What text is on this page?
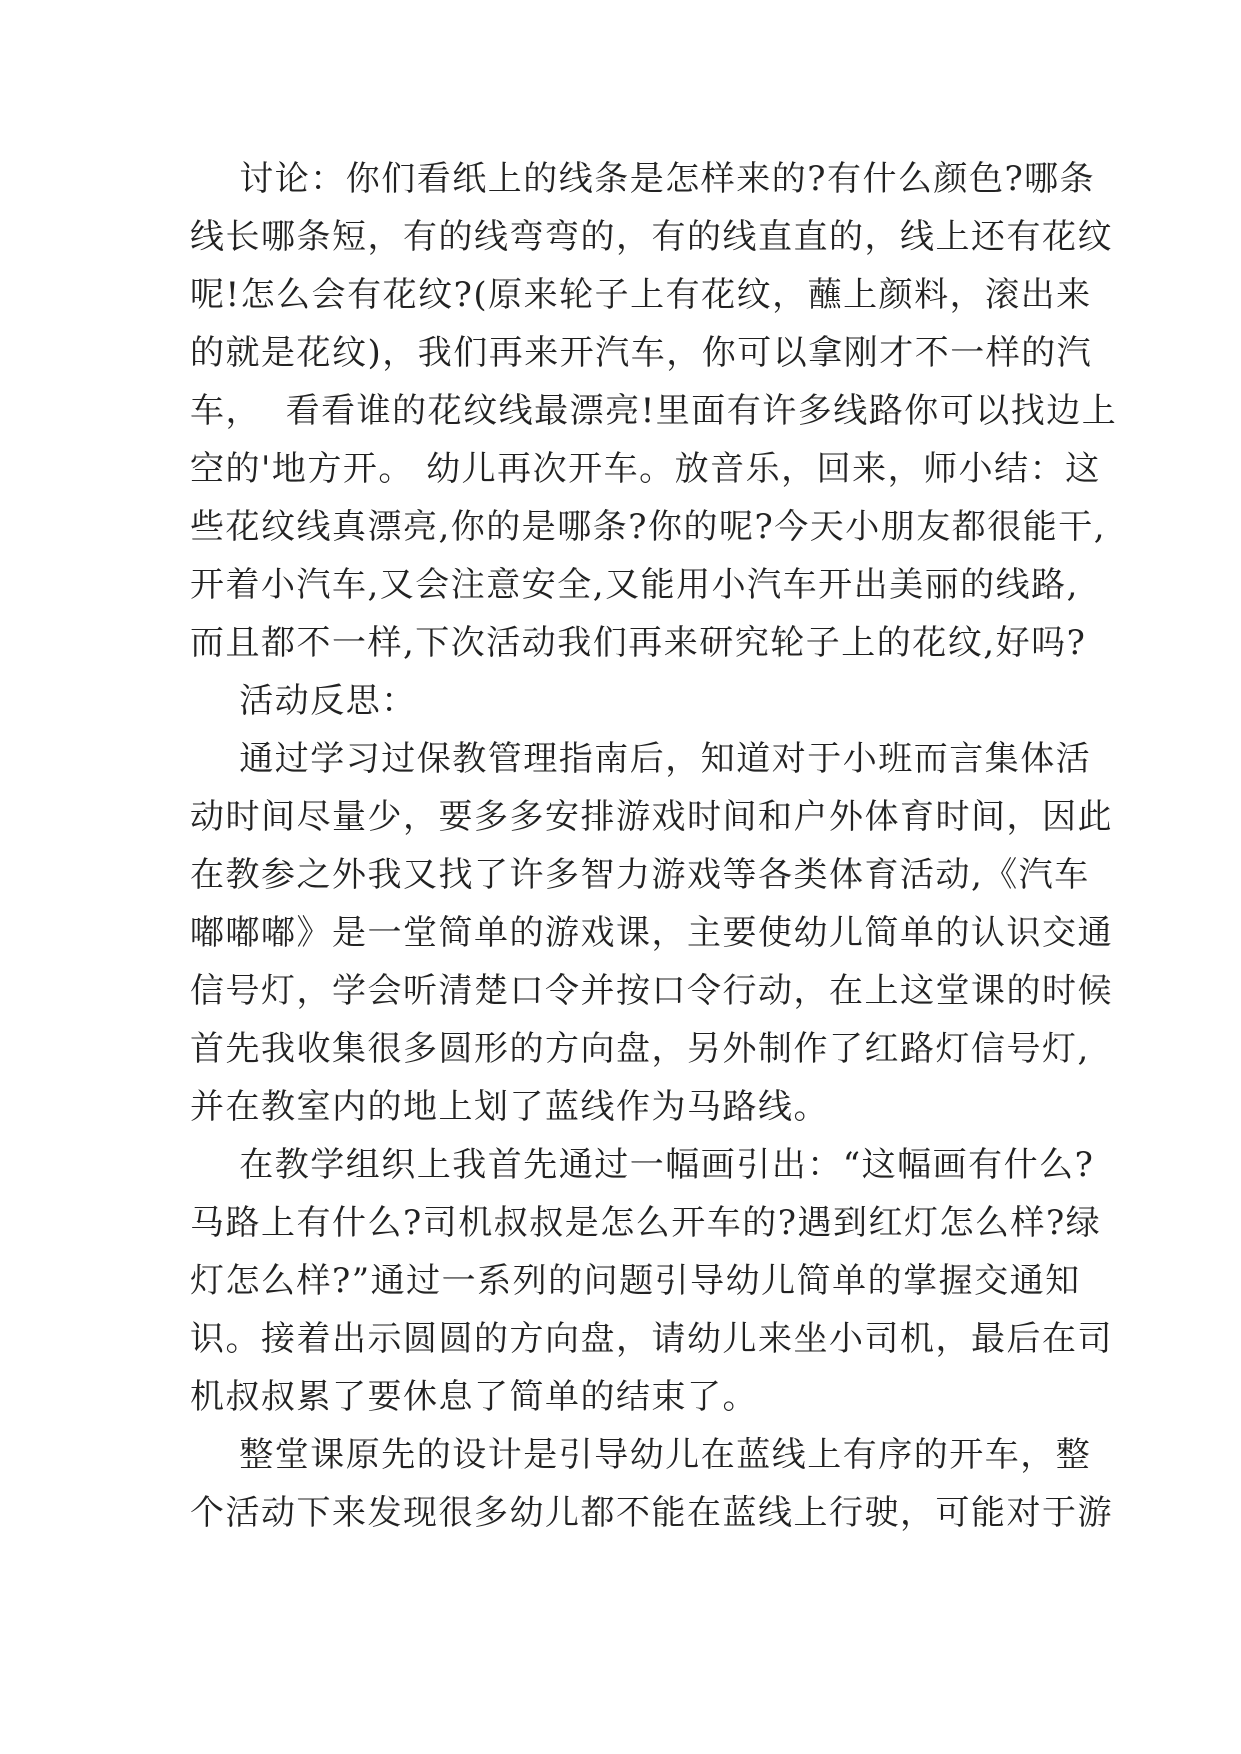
讨论：你们看纸上的线条是怎样来的?有什么颜色?哪条
线长哪条短，有的线弯弯的，有的线直直的，线上还有花纹
呢!怎么会有花纹?(原来轮子上有花纹，蘸上颜料，滚出来
的就是花纹)，我们再来开汽车，你可以拿刚才不一样的汽
车，  看看谁的花纹线最漂亮!里面有许多线路你可以找边上
空的'地方开。 幼儿再次开车。放音乐，回来，师小结：这
些花纹线真漂亮,你的是哪条?你的呢?今天小朋友都很能干,
开着小汽车,又会注意安全,又能用小汽车开出美丽的线路,
而且都不一样,下次活动我们再来研究轮子上的花纹,好吗?
活动反思：
通过学习过保教管理指南后，知道对于小班而言集体活
动时间尽量少，要多多安排游戏时间和户外体育时间，因此
在教参之外我又找了许多智力游戏等各类体育活动,《汽车
嘟嘟嘟》是一堂简单的游戏课，主要使幼儿简单的认识交通
信号灯，学会听清楚口令并按口令行动，在上这堂课的时候
首先我收集很多圆形的方向盘，另外制作了红路灯信号灯,
并在教室内的地上划了蓝线作为马路线。
在教学组织上我首先通过一幅画引出：“这幅画有什么?
马路上有什么?司机叔叔是怎么开车的?遇到红灯怎么样?绿
灯怎么样?”通过一系列的问题引导幼儿简单的掌握交通知
识。接着出示圆圆的方向盘，请幼儿来坐小司机，最后在司
机叔叔累了要休息了简单的结束了。
整堂课原先的设计是引导幼儿在蓝线上有序的开车，整
个活动下来发现很多幼儿都不能在蓝线上行驶，可能对于游
